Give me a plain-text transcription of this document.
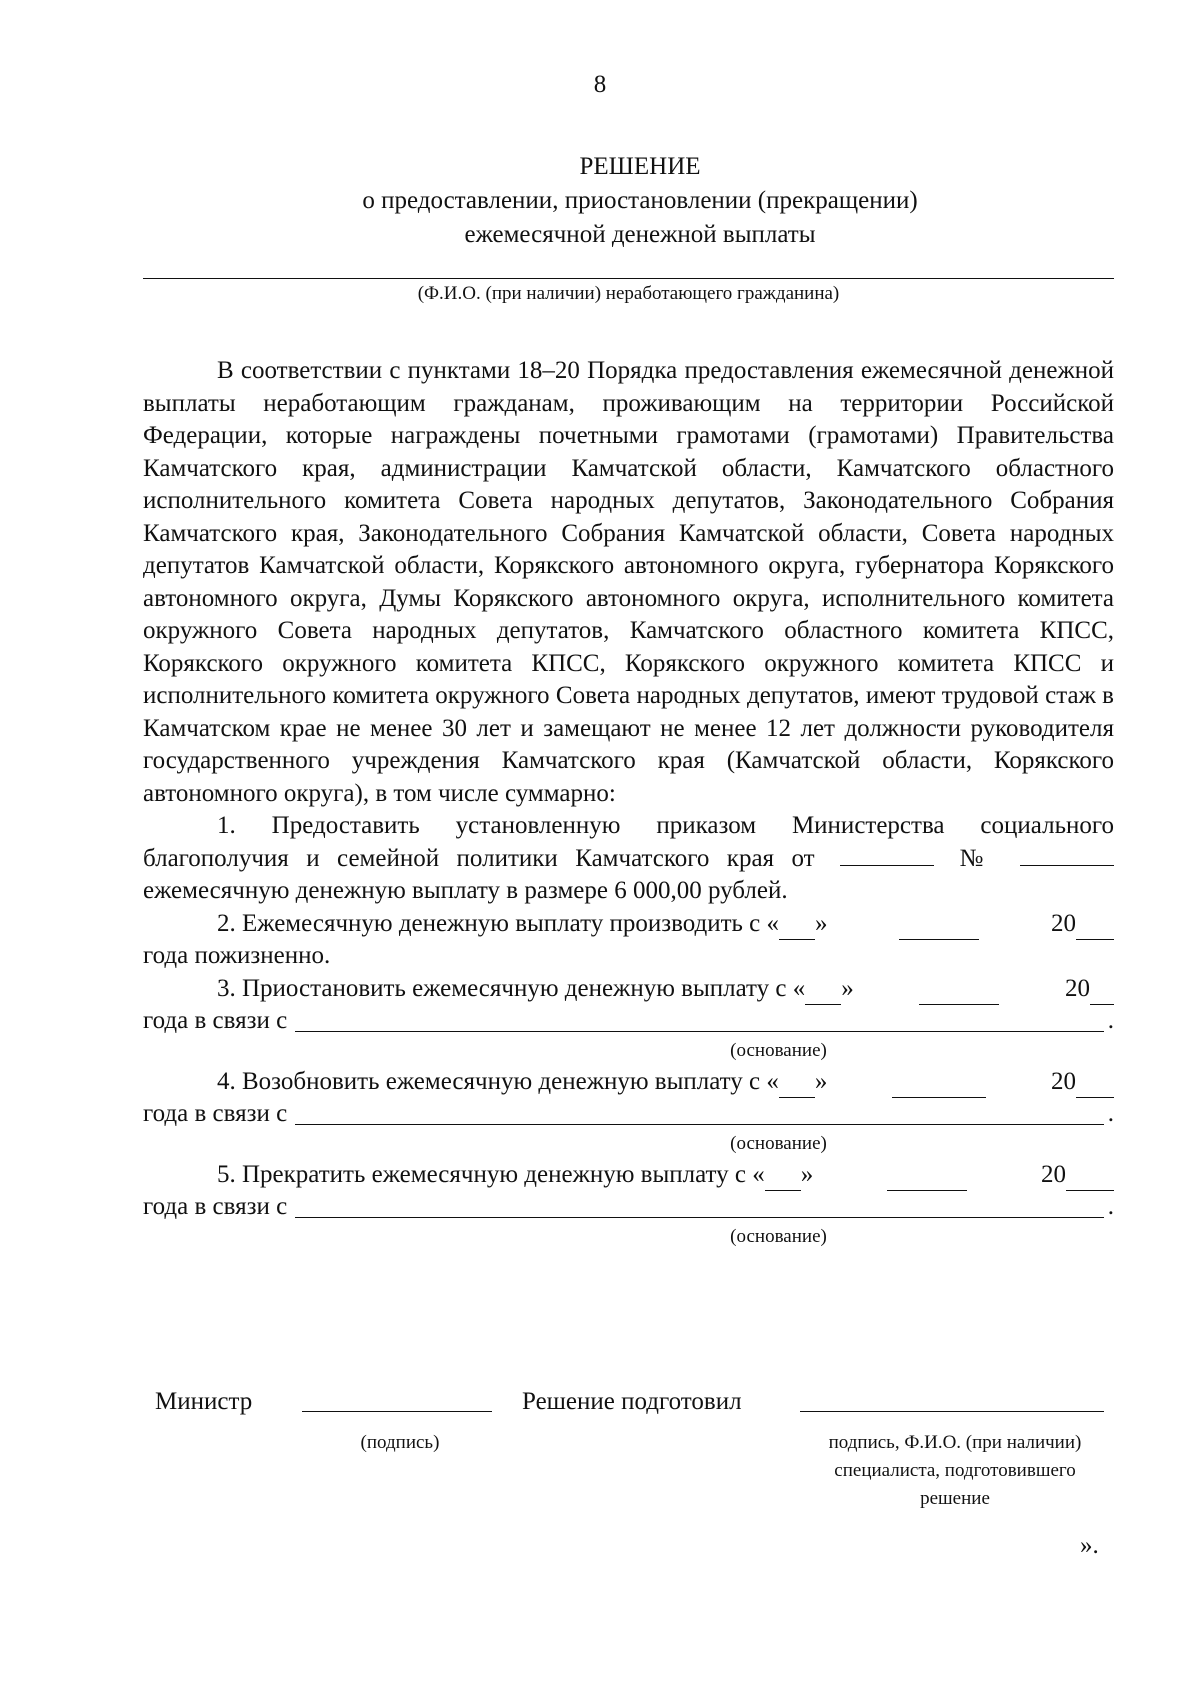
8
РЕШЕНИЕ
о предоставлении, приостановлении (прекращении)
ежемесячной денежной выплаты
(Ф.И.О. (при наличии) неработающего гражданина)

В соответствии с пунктами 18–20 Порядка предоставления ежемесячной денежной выплаты неработающим гражданам, проживающим на территории Российской Федерации, которые награждены почетными грамотами (грамотами) Правительства Камчатского края, администрации Камчатской области, Камчатского областного исполнительного комитета Совета народных депутатов, Законодательного Собрания Камчатского края, Законодательного Собрания Камчатской области, Совета народных депутатов Камчатской области, Корякского автономного округа, губернатора Корякского автономного округа, Думы Корякского автономного округа, исполнительного комитета окружного Совета народных депутатов, Камчатского областного комитета КПСС, Корякского окружного комитета КПСС, Корякского окружного комитета КПСС и исполнительного комитета окружного Совета народных депутатов, имеют трудовой стаж в Камчатском крае не менее 30 лет и замещают не менее 12 лет должности руководителя государственного учреждения Камчатского края (Камчатской области, Корякского автономного округа), в том числе суммарно:

1. Предоставить установленную приказом Министерства социального благополучия и семейной политики Камчатского края от	№  ежемесячную денежную выплату в размере 6 000,00 рублей.

2. Ежемесячную денежную выплату производить с « »	20
года пожизненно.
3. Приостановить ежемесячную денежную выплату с « »	20
года в связи с	.
(основание)
4. Возобновить ежемесячную денежную выплату с « »	20
года в связи с	.
(основание)
5. Прекратить ежемесячную денежную выплату с « »	20
года в связи с	.
(основание)
Министр
(подпись)
Решение подготовил
подпись, Ф.И.О. (при наличии)
специалиста, подготовившего
решение
».
